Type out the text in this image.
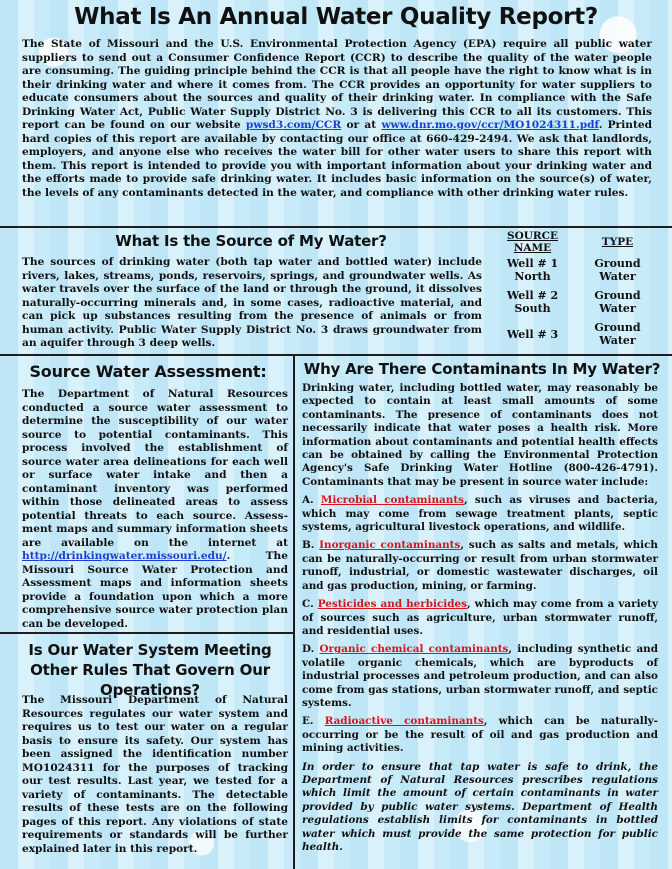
What Is An Annual Water Quality Report?
The State of Missouri and the U.S. Environmental Protection Agency (EPA) require all public water suppliers to send out a Consumer Confidence Report (CCR) to describe the quality of the water people are consuming. The guiding principle behind the CCR is that all people have the right to know what is in their drinking water and where it comes from. The CCR provides an opportunity for water suppliers to educate consumers about the sources and quality of their drinking water. In compliance with the Safe Drinking Water Act, Public Water Supply District No. 3 is delivering this CCR to all its customers. This report can be found on our website pwsd3.com/CCR or at www.dnr.mo.gov/ccr/MO1024311.pdf. Printed hard copies of this report are available by contacting our office at 660-429-2494. We ask that landlords, employers, and anyone else who receives the water bill for other water users to share this report with them. This report is intended to provide you with important information about your drinking water and the efforts made to provide safe drinking water. It includes basic information on the source(s) of water, the levels of any contaminants detected in the water, and compliance with other drinking water rules.
What Is the Source of My Water?
The sources of drinking water (both tap water and bottled water) include rivers, lakes, streams, ponds, reservoirs, springs, and groundwater wells. As water travels over the surface of the land or through the ground, it dissolves naturally-occurring minerals and, in some cases, radioactive material, and can pick up substances resulting from the presence of animals or from human activity. Public Water Supply District No. 3 draws groundwater from an aquifer through 3 deep wells.
SOURCE NAME	TYPE
Well # 1 North	Ground Water
Well # 2 South	Ground Water
Well # 3	Ground Water
Source Water Assessment:
The Department of Natural Resources conducted a source water assessment to determine the susceptibility of our water source to potential contaminants. This process involved the establishment of source water area delineations for each well or surface water intake and then a contaminant inventory was performed within those delineated areas to assess potential threats to each source. Assess-ment maps and summary information sheets are available on the internet at http://drinkingwater.missouri.edu/. The Missouri Source Water Protection and Assessment maps and information sheets provide a foundation upon which a more comprehensive source water protection plan can be developed.
Is Our Water System Meeting Other Rules That Govern Our Operations?
The Missouri Department of Natural Resources regulates our water system and requires us to test our water on a regular basis to ensure its safety. Our system has been assigned the identification number MO1024311 for the purposes of tracking our test results. Last year, we tested for a variety of contaminants. The detectable results of these tests are on the following pages of this report. Any violations of state requirements or standards will be further explained later in this report.
Why Are There Contaminants In My Water?
Drinking water, including bottled water, may reasonably be expected to contain at least small amounts of some contaminants. The presence of contaminants does not necessarily indicate that water poses a health risk. More information about contaminants and potential health effects can be obtained by calling the Environmental Protection Agency's Safe Drinking Water Hotline (800-426-4791). Contaminants that may be present in source water include:
A. Microbial contaminants, such as viruses and bacteria, which may come from sewage treatment plants, septic systems, agricultural livestock operations, and wildlife.
B. Inorganic contaminants, such as salts and metals, which can be naturally-occurring or result from urban stormwater runoff, industrial, or domestic wastewater discharges, oil and gas production, mining, or farming.
C. Pesticides and herbicides, which may come from a variety of sources such as agriculture, urban stormwater runoff, and residential uses.
D. Organic chemical contaminants, including synthetic and volatile organic chemicals, which are byproducts of industrial processes and petroleum production, and can also come from gas stations, urban stormwater runoff, and septic systems.
E. Radioactive contaminants, which can be naturally-occurring or be the result of oil and gas production and mining activities.
In order to ensure that tap water is safe to drink, the Department of Natural Resources prescribes regulations which limit the amount of certain contaminants in water provided by public water systems. Department of Health regulations establish limits for contaminants in bottled water which must provide the same protection for public health.
